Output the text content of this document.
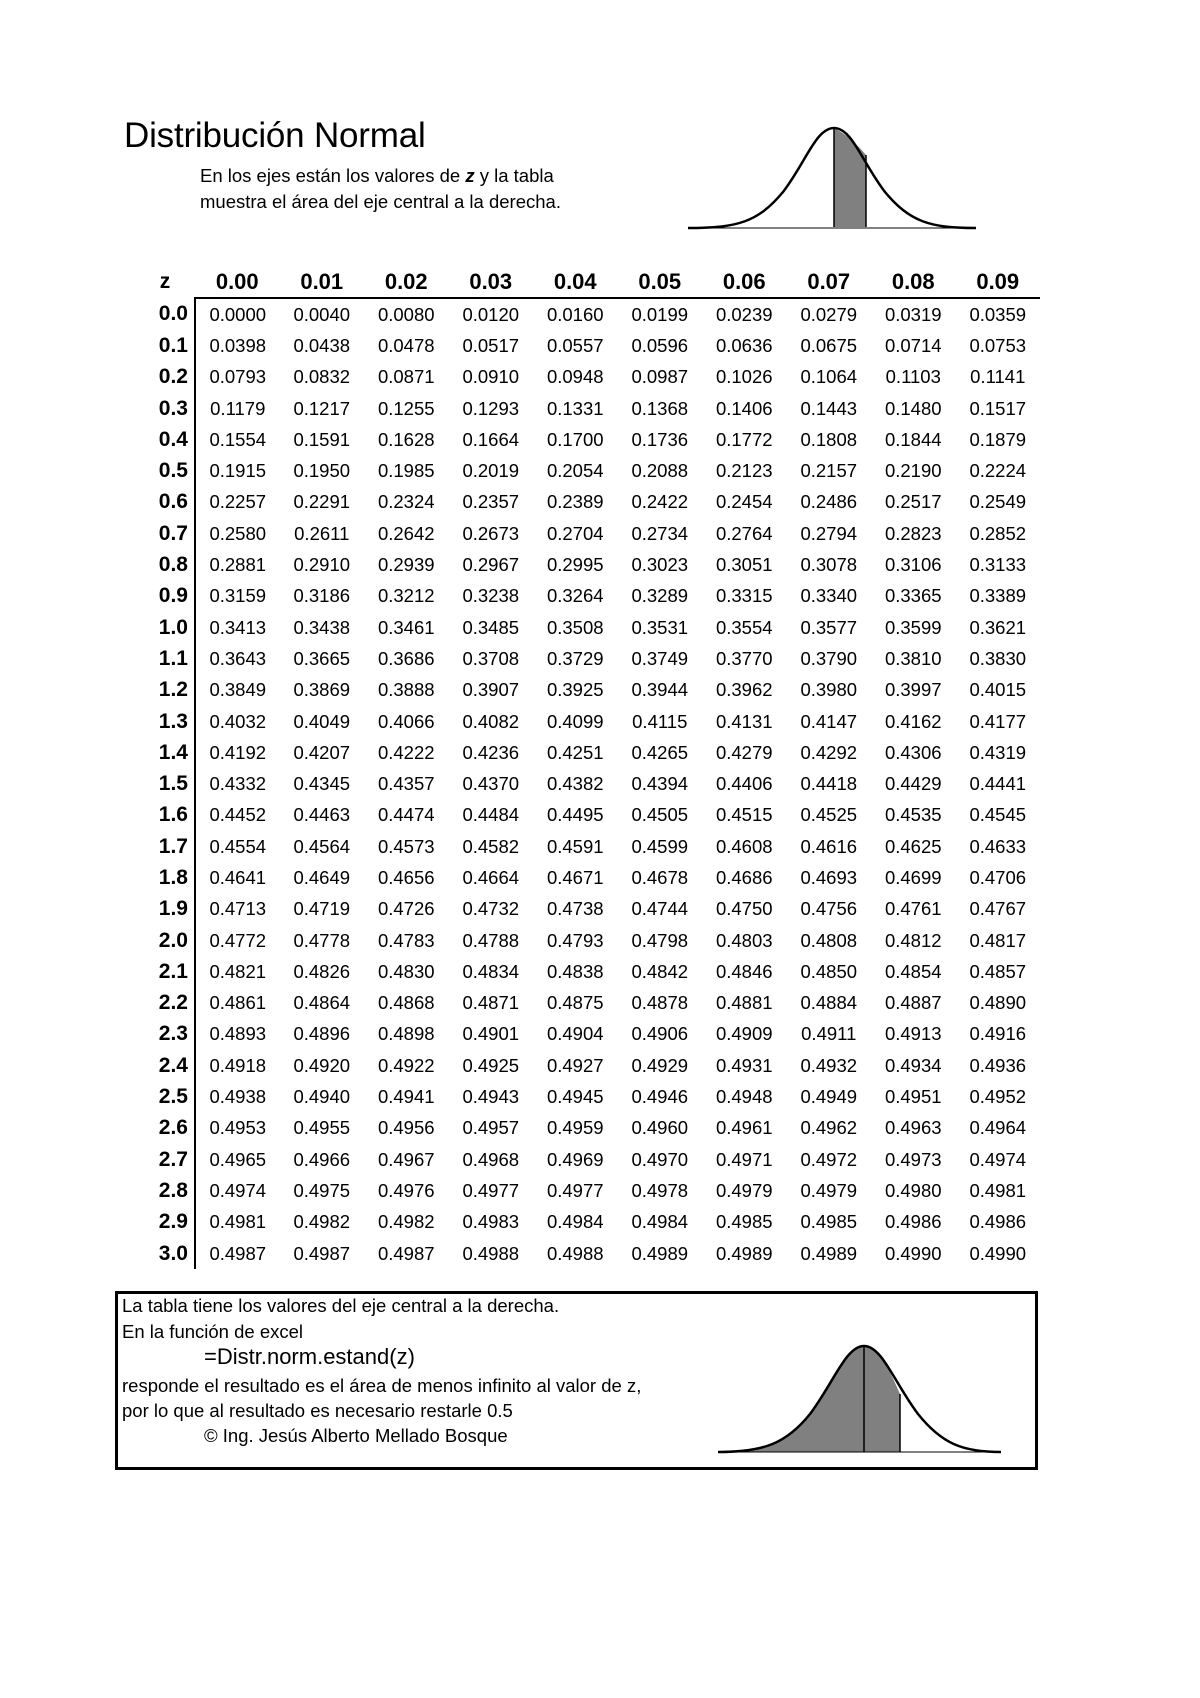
Distribución Normal
En los ejes están los valores de z y la tabla
muestra el área del eje central a la derecha.
z	0.00	0.01	0.02	0.03	0.04	0.05	0.06	0.07	0.08	0.09
0.0	0.0000	0.0040	0.0080	0.0120	0.0160	0.0199	0.0239	0.0279	0.0319	0.0359
0.1	0.0398	0.0438	0.0478	0.0517	0.0557	0.0596	0.0636	0.0675	0.0714	0.0753
0.2	0.0793	0.0832	0.0871	0.0910	0.0948	0.0987	0.1026	0.1064	0.1103	0.1141
0.3	0.1179	0.1217	0.1255	0.1293	0.1331	0.1368	0.1406	0.1443	0.1480	0.1517
0.4	0.1554	0.1591	0.1628	0.1664	0.1700	0.1736	0.1772	0.1808	0.1844	0.1879
0.5	0.1915	0.1950	0.1985	0.2019	0.2054	0.2088	0.2123	0.2157	0.2190	0.2224
0.6	0.2257	0.2291	0.2324	0.2357	0.2389	0.2422	0.2454	0.2486	0.2517	0.2549
0.7	0.2580	0.2611	0.2642	0.2673	0.2704	0.2734	0.2764	0.2794	0.2823	0.2852
0.8	0.2881	0.2910	0.2939	0.2967	0.2995	0.3023	0.3051	0.3078	0.3106	0.3133
0.9	0.3159	0.3186	0.3212	0.3238	0.3264	0.3289	0.3315	0.3340	0.3365	0.3389
1.0	0.3413	0.3438	0.3461	0.3485	0.3508	0.3531	0.3554	0.3577	0.3599	0.3621
1.1	0.3643	0.3665	0.3686	0.3708	0.3729	0.3749	0.3770	0.3790	0.3810	0.3830
1.2	0.3849	0.3869	0.3888	0.3907	0.3925	0.3944	0.3962	0.3980	0.3997	0.4015
1.3	0.4032	0.4049	0.4066	0.4082	0.4099	0.4115	0.4131	0.4147	0.4162	0.4177
1.4	0.4192	0.4207	0.4222	0.4236	0.4251	0.4265	0.4279	0.4292	0.4306	0.4319
1.5	0.4332	0.4345	0.4357	0.4370	0.4382	0.4394	0.4406	0.4418	0.4429	0.4441
1.6	0.4452	0.4463	0.4474	0.4484	0.4495	0.4505	0.4515	0.4525	0.4535	0.4545
1.7	0.4554	0.4564	0.4573	0.4582	0.4591	0.4599	0.4608	0.4616	0.4625	0.4633
1.8	0.4641	0.4649	0.4656	0.4664	0.4671	0.4678	0.4686	0.4693	0.4699	0.4706
1.9	0.4713	0.4719	0.4726	0.4732	0.4738	0.4744	0.4750	0.4756	0.4761	0.4767
2.0	0.4772	0.4778	0.4783	0.4788	0.4793	0.4798	0.4803	0.4808	0.4812	0.4817
2.1	0.4821	0.4826	0.4830	0.4834	0.4838	0.4842	0.4846	0.4850	0.4854	0.4857
2.2	0.4861	0.4864	0.4868	0.4871	0.4875	0.4878	0.4881	0.4884	0.4887	0.4890
2.3	0.4893	0.4896	0.4898	0.4901	0.4904	0.4906	0.4909	0.4911	0.4913	0.4916
2.4	0.4918	0.4920	0.4922	0.4925	0.4927	0.4929	0.4931	0.4932	0.4934	0.4936
2.5	0.4938	0.4940	0.4941	0.4943	0.4945	0.4946	0.4948	0.4949	0.4951	0.4952
2.6	0.4953	0.4955	0.4956	0.4957	0.4959	0.4960	0.4961	0.4962	0.4963	0.4964
2.7	0.4965	0.4966	0.4967	0.4968	0.4969	0.4970	0.4971	0.4972	0.4973	0.4974
2.8	0.4974	0.4975	0.4976	0.4977	0.4977	0.4978	0.4979	0.4979	0.4980	0.4981
2.9	0.4981	0.4982	0.4982	0.4983	0.4984	0.4984	0.4985	0.4985	0.4986	0.4986
3.0	0.4987	0.4987	0.4987	0.4988	0.4988	0.4989	0.4989	0.4989	0.4990	0.4990
La tabla tiene los valores del eje central a la derecha.
En la función de excel
=Distr.norm.estand(z)
responde el resultado es el área de menos infinito al valor de z,
por lo que al resultado es necesario restarle 0.5
© Ing. Jesús Alberto Mellado Bosque
